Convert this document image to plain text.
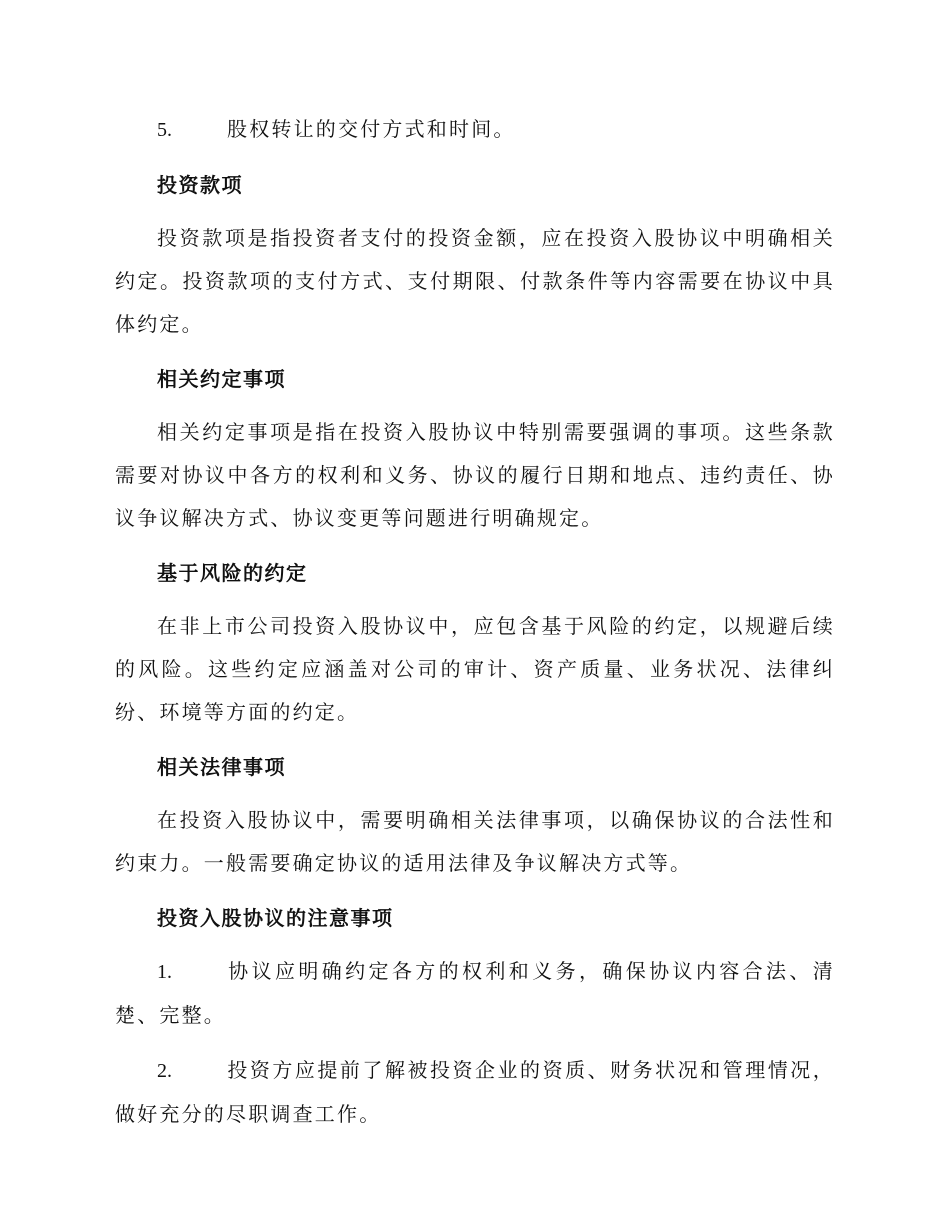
5.	股权转让的交付方式和时间。

投资款项

投资款项是指投资者支付的投资金额，应在投资入股协议中明确相关约定。投资款项的支付方式、支付期限、付款条件等内容需要在协议中具体约定。

相关约定事项

相关约定事项是指在投资入股协议中特别需要强调的事项。这些条款需要对协议中各方的权利和义务、协议的履行日期和地点、违约责任、协议争议解决方式、协议变更等问题进行明确规定。

基于风险的约定

在非上市公司投资入股协议中，应包含基于风险的约定，以规避后续的风险。这些约定应涵盖对公司的审计、资产质量、业务状况、法律纠纷、环境等方面的约定。

相关法律事项

在投资入股协议中，需要明确相关法律事项，以确保协议的合法性和约束力。一般需要确定协议的适用法律及争议解决方式等。

投资入股协议的注意事项

1.	协议应明确约定各方的权利和义务，确保协议内容合法、清楚、完整。

2.	投资方应提前了解被投资企业的资质、财务状况和管理情况，做好充分的尽职调查工作。
